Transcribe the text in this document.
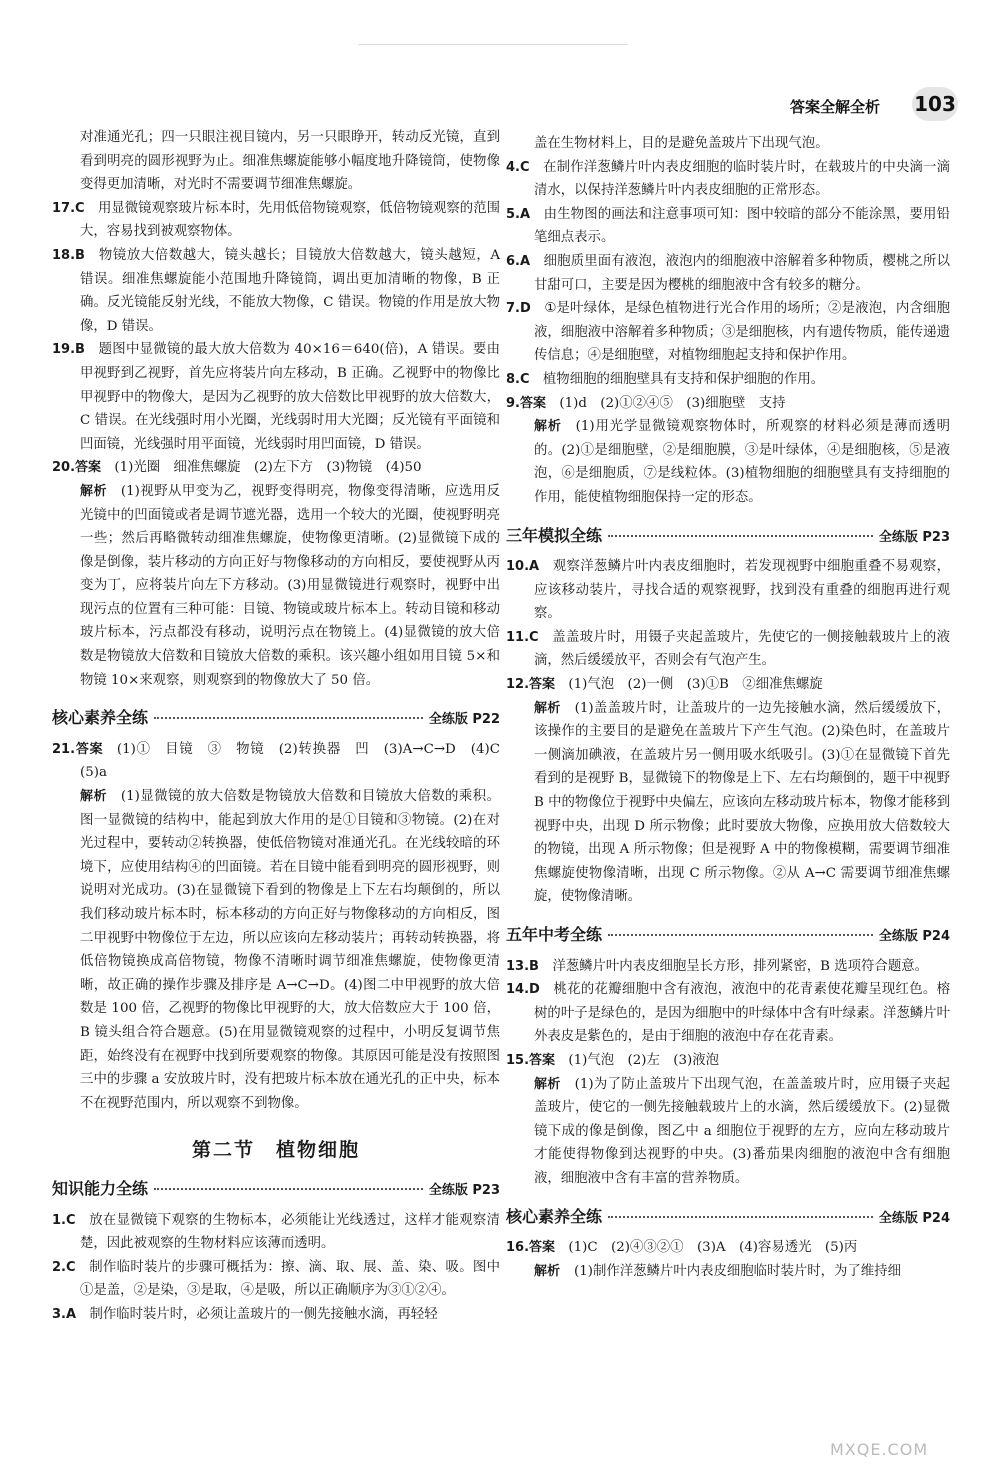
答案全解全析 103

对准通光孔；四一只眼注视目镜内，另一只眼睁开，转动反光镜，直到看到明亮的圆形视野为止。细准焦螺旋能够小幅度地升降镜筒，使物像变得更加清晰，对光时不需要调节细准焦螺旋。

17.C  用显微镜观察玻片标本时，先用低倍物镜观察，低倍物镜观察的范围大，容易找到被观察物体。

18.B  物镜放大倍数越大，镜头越长；目镜放大倍数越大，镜头越短，A 错误。细准焦螺旋能小范围地升降镜筒，调出更加清晰的物像，B 正确。反光镜能反射光线，不能放大物像，C 错误。物镜的作用是放大物像，D 错误。

19.B  题图中显微镜的最大放大倍数为 40×16＝640(倍)，A 错误。要由甲视野到乙视野，首先应将装片向左移动，B 正确。乙视野中的物像比甲视野中的物像大，是因为乙视野的放大倍数比甲视野的放大倍数大，C 错误。在光线强时用小光圈，光线弱时用大光圈；反光镜有平面镜和凹面镜，光线强时用平面镜，光线弱时用凹面镜，D 错误。

20.答案  (1)光圈　细准焦螺旋　(2)左下方　(3)物镜　(4)50

解析 (1)视野从甲变为乙，视野变得明亮，物像变得清晰，应选用反光镜中的凹面镜或者是调节遮光器，选用一个较大的光圈，使视野明亮一些；然后再略微转动细准焦螺旋，使物像更清晰。(2)显微镜下成的像是倒像，装片移动的方向正好与物像移动的方向相反，要使视野从丙变为丁，应将装片向左下方移动。(3)用显微镜进行观察时，视野中出现污点的位置有三种可能：目镜、物镜或玻片标本上。转动目镜和移动玻片标本，污点都没有移动，说明污点在物镜上。(4)显微镜的放大倍数是物镜放大倍数和目镜放大倍数的乘积。该兴趣小组如用目镜 5×和物镜 10×来观察，则观察到的物像放大了 50 倍。

核心素养全练	全练版 P22

21.答案  (1)①　目镜　③　物镜　(2)转换器　凹　(3)A→C→D　(4)C　(5)a

解析 (1)显微镜的放大倍数是物镜放大倍数和目镜放大倍数的乘积。图一显微镜的结构中，能起到放大作用的是①目镜和③物镜。(2)在对光过程中，要转动②转换器，使低倍物镜对准通光孔。在光线较暗的环境下，应使用结构④的凹面镜。若在目镜中能看到明亮的圆形视野，则说明对光成功。(3)在显微镜下看到的物像是上下左右均颠倒的，所以我们移动玻片标本时，标本移动的方向正好与物像移动的方向相反，图二甲视野中物像位于左边，所以应该向左移动装片；再转动转换器，将低倍物镜换成高倍物镜，物像不清晰时调节细准焦螺旋，使物像更清晰，故正确的操作步骤及排序是 A→C→D。(4)图二中甲视野的放大倍数是 100 倍，乙视野的物像比甲视野的大，放大倍数应大于 100 倍，B 镜头组合符合题意。(5)在用显微镜观察的过程中，小明反复调节焦距，始终没有在视野中找到所要观察的物像。其原因可能是没有按照图三中的步骤 a 安放玻片时，没有把玻片标本放在通光孔的正中央，标本不在视野范围内，所以观察不到物像。

第二节　植物细胞
知识能力全练	全练版 P23

1.C  放在显微镜下观察的生物标本，必须能让光线透过，这样才能观察清楚，因此被观察的生物材料应该薄而透明。

2.C  制作临时装片的步骤可概括为：擦、滴、取、展、盖、染、吸。图中①是盖，②是染，③是取，④是吸，所以正确顺序为③①②④。

3.A  制作临时装片时，必须让盖玻片的一侧先接触水滴，再轻轻

盖在生物材料上，目的是避免盖玻片下出现气泡。

4.C  在制作洋葱鳞片叶内表皮细胞的临时装片时，在载玻片的中央滴一滴清水，以保持洋葱鳞片叶内表皮细胞的正常形态。

5.A  由生物图的画法和注意事项可知：图中较暗的部分不能涂黑，要用铅笔细点表示。

6.A  细胞质里面有液泡，液泡内的细胞液中溶解着多种物质，樱桃之所以甘甜可口，主要是因为樱桃的细胞液中含有较多的糖分。

7.D  ①是叶绿体，是绿色植物进行光合作用的场所；②是液泡，内含细胞液，细胞液中溶解着多种物质；③是细胞核，内有遗传物质，能传递遗传信息；④是细胞壁，对植物细胞起支持和保护作用。

8.C  植物细胞的细胞壁具有支持和保护细胞的作用。

9.答案  (1)d　(2)①②④⑤　(3)细胞壁　支持

解析 (1)用光学显微镜观察物体时，所观察的材料必须是薄而透明的。(2)①是细胞壁，②是细胞膜，③是叶绿体，④是细胞核，⑤是液泡，⑥是细胞质，⑦是线粒体。(3)植物细胞的细胞壁具有支持细胞的作用，能使植物细胞保持一定的形态。

三年模拟全练	全练版 P23

10.A  观察洋葱鳞片叶内表皮细胞时，若发现视野中细胞重叠不易观察，应该移动装片，寻找合适的观察视野，找到没有重叠的细胞再进行观察。

11.C  盖盖玻片时，用镊子夹起盖玻片，先使它的一侧接触载玻片上的液滴，然后缓缓放平，否则会有气泡产生。

12.答案  (1)气泡　(2)一侧　(3)①B　②细准焦螺旋

解析 (1)盖盖玻片时，让盖玻片的一边先接触水滴，然后缓缓放下，该操作的主要目的是避免在盖玻片下产生气泡。(2)染色时，在盖玻片一侧滴加碘液，在盖玻片另一侧用吸水纸吸引。(3)①在显微镜下首先看到的是视野 B，显微镜下的物像是上下、左右均颠倒的，题干中视野 B 中的物像位于视野中央偏左，应该向左移动玻片标本，物像才能移到视野中央，出现 D 所示物像；此时要放大物像，应换用放大倍数较大的物镜，出现 A 所示物像；但是视野 A 中的物像模糊，需要调节细准焦螺旋使物像清晰，出现 C 所示物像。②从 A→C 需要调节细准焦螺旋，使物像清晰。

五年中考全练	全练版 P24

13.B  洋葱鳞片叶内表皮细胞呈长方形，排列紧密，B 选项符合题意。

14.D  桃花的花瓣细胞中含有液泡，液泡中的花青素使花瓣呈现红色。榕树的叶子是绿色的，是因为细胞中的叶绿体中含有叶绿素。洋葱鳞片叶外表皮是紫色的，是由于细胞的液泡中存在花青素。

15.答案  (1)气泡　(2)左　(3)液泡

解析 (1)为了防止盖玻片下出现气泡，在盖盖玻片时，应用镊子夹起盖玻片，使它的一侧先接触载玻片上的水滴，然后缓缓放下。(2)显微镜下成的像是倒像，图乙中 a 细胞位于视野的左方，应向左移动玻片才能使得物像到达视野的中央。(3)番茄果肉细胞的液泡中含有细胞液，细胞液中含有丰富的营养物质。

核心素养全练	全练版 P24

16.答案  (1)C　(2)④③②①　(3)A　(4)容易透光　(5)丙

解析 (1)制作洋葱鳞片叶内表皮细胞临时装片时，为了维持细

MXQE.COM
